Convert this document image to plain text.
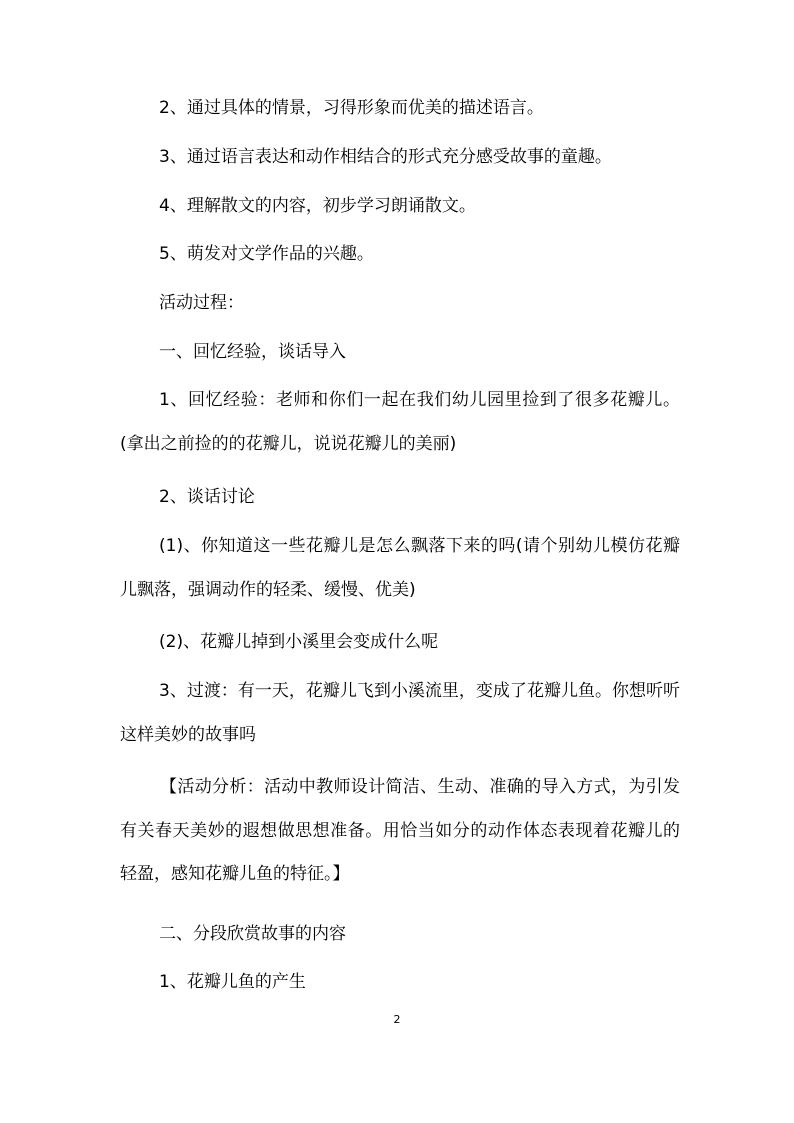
2、通过具体的情景，习得形象而优美的描述语言。

3、通过语言表达和动作相结合的形式充分感受故事的童趣。

4、理解散文的内容，初步学习朗诵散文。

5、萌发对文学作品的兴趣。

活动过程：

一、回忆经验，谈话导入

1、回忆经验：老师和你们一起在我们幼儿园里捡到了很多花瓣儿。(拿出之前捡的的花瓣儿，说说花瓣儿的美丽)

2、谈话讨论

(1)、你知道这一些花瓣儿是怎么飘落下来的吗(请个别幼儿模仿花瓣儿飘落，强调动作的轻柔、缓慢、优美)

(2)、花瓣儿掉到小溪里会变成什么呢

3、过渡：有一天，花瓣儿飞到小溪流里，变成了花瓣儿鱼。你想听听这样美妙的故事吗

【活动分析：活动中教师设计简洁、生动、准确的导入方式，为引发有关春天美妙的遐想做思想准备。用恰当如分的动作体态表现着花瓣儿的轻盈，感知花瓣儿鱼的特征。】

二、分段欣赏故事的内容

1、花瓣儿鱼的产生

2
